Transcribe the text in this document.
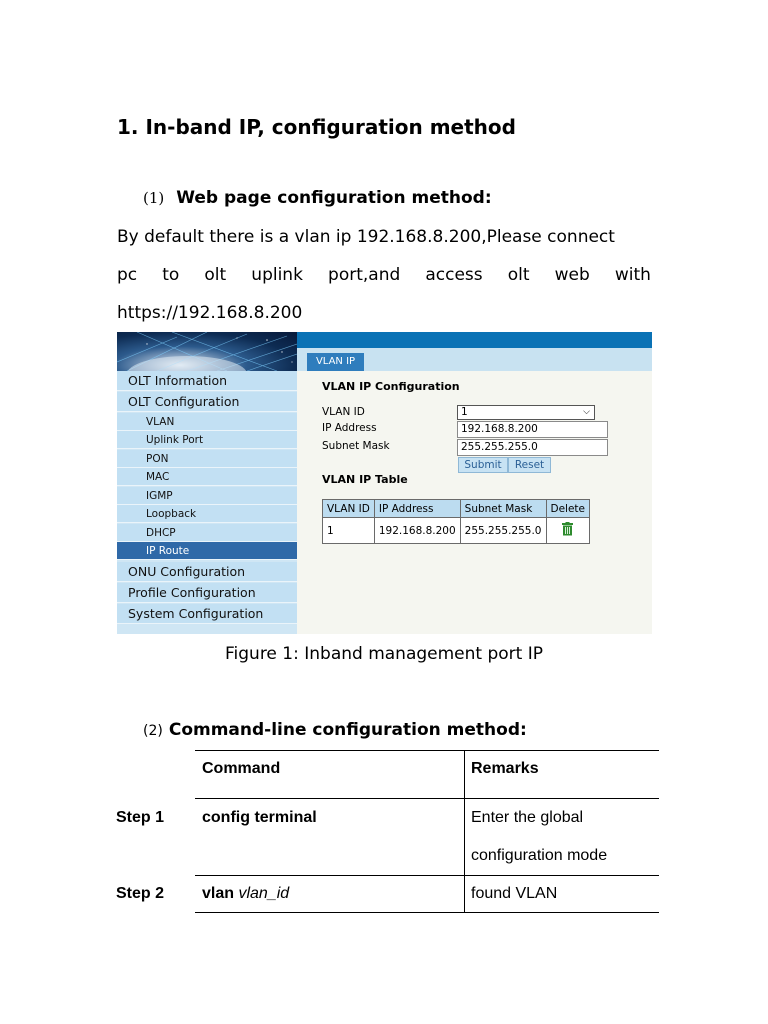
1. In-band IP, configuration method
(1) Web page configuration method:
By default there is a vlan ip 192.168.8.200,Please connect
pc to olt uplink port,and access olt web with
https://192.168.8.200
VLAN IP
OLT Information
OLT Configuration
VLAN
Uplink Port
PON
MAC
IGMP
Loopback
DHCP
IP Route
ONU Configuration
Profile Configuration
System Configuration
VLAN IP Configuration
VLAN ID	1	⌵
IP Address	192.168.8.200
Subnet Mask	255.255.255.0
Submit	Reset
VLAN IP Table
VLAN ID	IP Address	Subnet Mask	Delete
1	192.168.8.200	255.255.255.0	
Figure 1: Inband management port IP
(2) Command-line configuration method:
Command	Remarks
Step 1 config terminal	Enter the global
configuration mode
Step 2 vlan vlan_id	found VLAN
